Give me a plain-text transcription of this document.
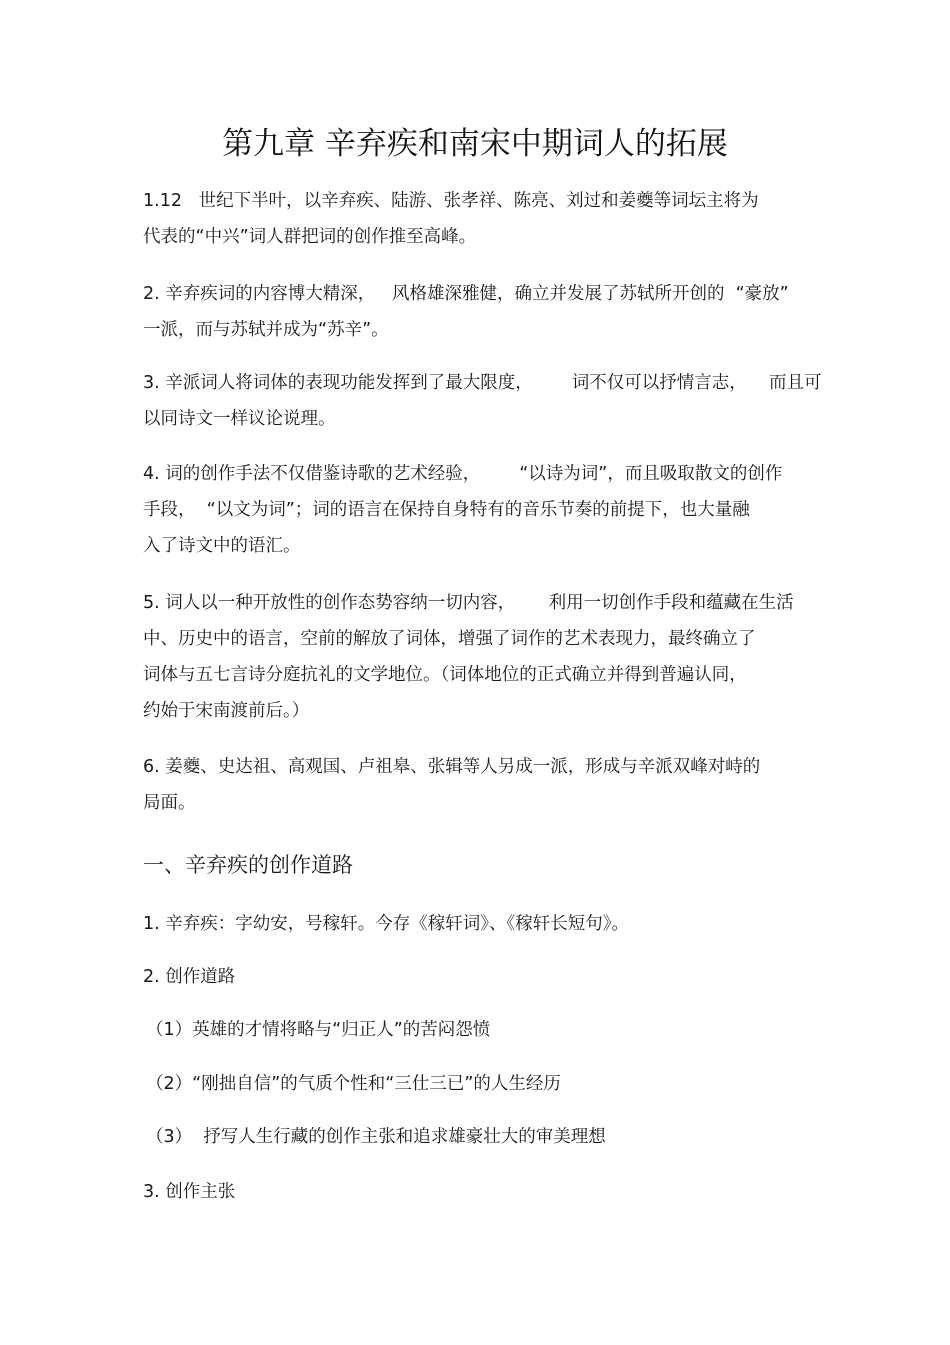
第九章 辛弃疾和南宋中期词人的拓展

1.12   世纪下半叶，以辛弃疾、陆游、张孝祥、陈亮、刘过和姜夔等词坛主将为
代表的“中兴”词人群把词的创作推至高峰。

2. 辛弃疾词的内容博大精深，   风格雄深雅健，确立并发展了苏轼所开创的  “豪放”
一派，而与苏轼并成为“苏辛”。

3. 辛派词人将词体的表现功能发挥到了最大限度，       词不仅可以抒情言志，    而且可
以同诗文一样议论说理。

4. 词的创作手法不仅借鉴诗歌的艺术经验，       “以诗为词”，而且吸取散文的创作
手段，  “以文为词”；词的语言在保持自身特有的音乐节奏的前提下，也大量融
入了诗文中的语汇。

5. 词人以一种开放性的创作态势容纳一切内容，      利用一切创作手段和蕴藏在生活
中、历史中的语言，空前的解放了词体，增强了词作的艺术表现力，最终确立了
词体与五七言诗分庭抗礼的文学地位。（词体地位的正式确立并得到普遍认同，
约始于宋南渡前后。）

6. 姜夔、史达祖、高观国、卢祖皋、张辑等人另成一派，形成与辛派双峰对峙的
局面。

一、辛弃疾的创作道路

1. 辛弃疾：字幼安，号稼轩。今存《稼轩词》、《稼轩长短句》。

2. 创作道路

（1）英雄的才情将略与“归正人”的苦闷怨愤

（2）“刚拙自信”的气质个性和“三仕三已”的人生经历

（3）  抒写人生行藏的创作主张和追求雄豪壮大的审美理想

3. 创作主张
